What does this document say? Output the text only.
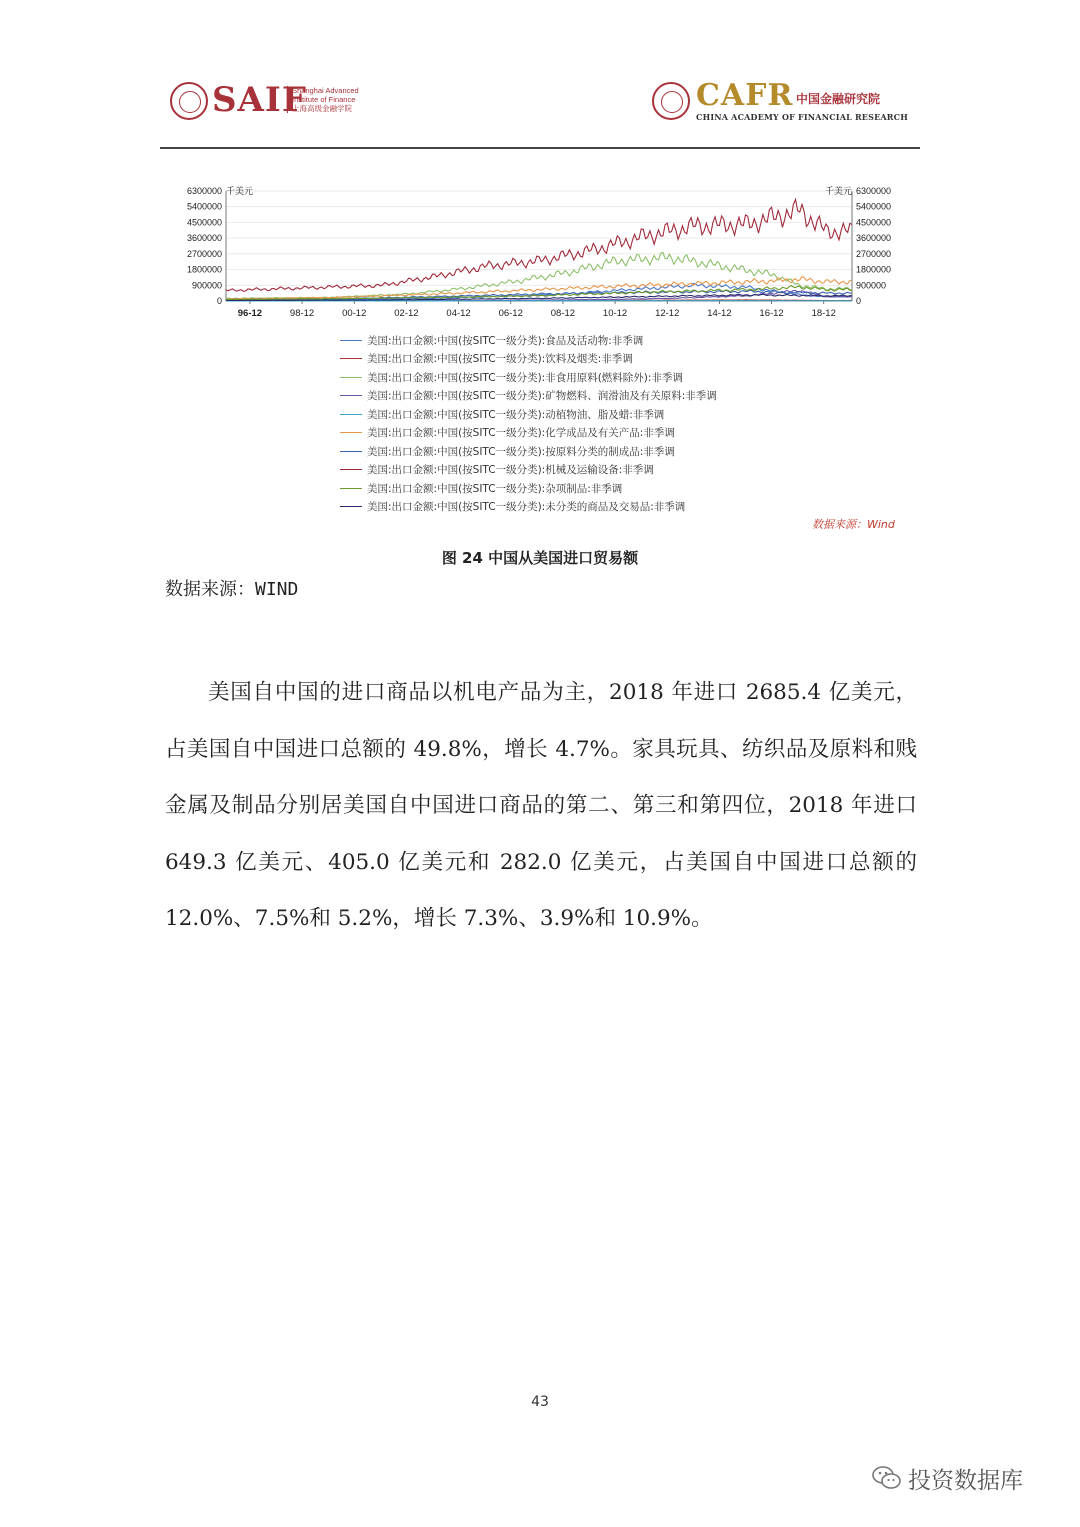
SAIF
Shanghai Advanced
Institute of Finance
上海高级金融学院	CAFR 中国金融研究院
CHINA ACADEMY OF FINANCIAL RESEARCH
6300000
5400000
4500000
3600000
2700000
1800000
900000
0
6300000
5400000
4500000
3600000
2700000
1800000
900000
0
96-12	98-12	00-12	02-12	04-12	06-12	08-12	10-12	12-12	14-12	16-12	18-12
千美元	千美元
美国:出口金额:中国(按SITC一级分类):食品及活动物:非季调
美国:出口金额:中国(按SITC一级分类):饮料及烟类:非季调
美国:出口金额:中国(按SITC一级分类):非食用原料(燃料除外):非季调
美国:出口金额:中国(按SITC一级分类):矿物燃料、润滑油及有关原料:非季调
美国:出口金额:中国(按SITC一级分类):动植物油、脂及蜡:非季调
美国:出口金额:中国(按SITC一级分类):化学成品及有关产品:非季调
美国:出口金额:中国(按SITC一级分类):按原料分类的制成品:非季调
美国:出口金额:中国(按SITC一级分类):机械及运输设备:非季调
美国:出口金额:中国(按SITC一级分类):杂项制品:非季调
美国:出口金额:中国(按SITC一级分类):未分类的商品及交易品:非季调
数据来源：Wind
图 24 中国从美国进口贸易额
数据来源：WIND

美国自中国的进口商品以机电产品为主，2018 年进口 2685.4 亿美元，占美国自中国进口总额的 49.8%，增长 4.7%。家具玩具、纺织品及原料和贱金属及制品分别居美国自中国进口商品的第二、第三和第四位，2018 年进口 649.3 亿美元、405.0 亿美元和 282.0 亿美元，占美国自中国进口总额的 12.0%、7.5%和 5.2%，增长 7.3%、3.9%和 10.9%。

43
投资数据库
